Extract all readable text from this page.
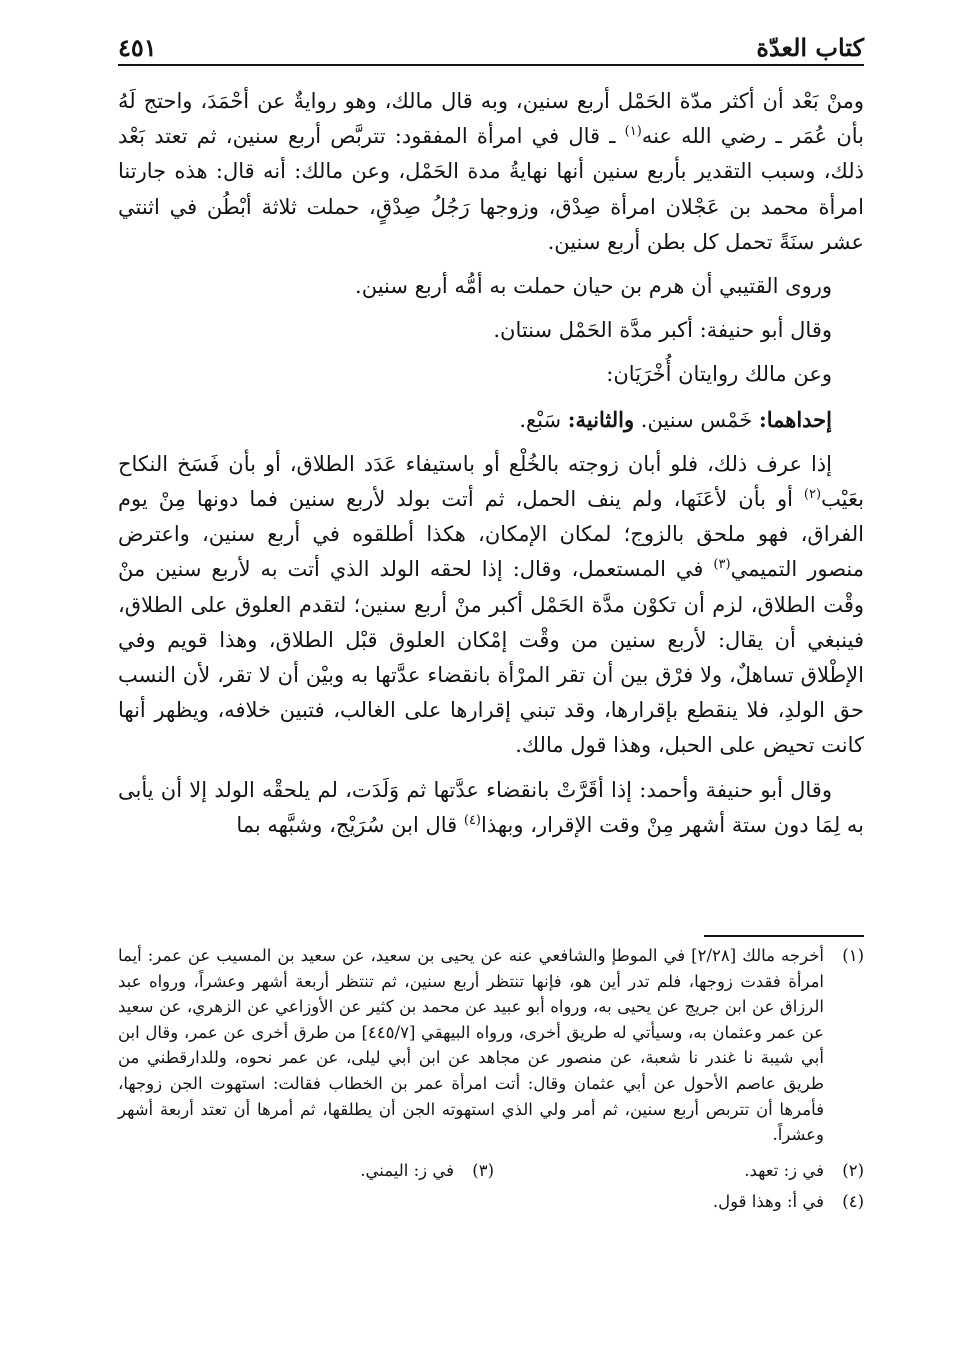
كتاب العدّة
٤٥١

ومنْ بَعْد أن أكثر مدّة الحَمْل أربع سنين، وبه قال مالك، وهو روايةٌ عن أحْمَدَ، واحتج لَهُ بأن عُمَر ـ رضي الله عنه$^{(١)}$ ـ قال في امرأة المفقود: تتربَّص أربع سنين، ثم تعتد بَعْد ذلك، وسبب التقدير بأربع سنين أنها نهايةُ مدة الحَمْل، وعن مالك: أنه قال: هذه جارتنا امرأة محمد بن عَجْلان امرأة صِدْق، وزوجها رَجُلُ صِدْقٍ، حملت ثلاثة أبْطُن في اثنتي عشر سنَةً تحمل كل بطن أربع سنين.

وروى القتيبي أن هرم بن حيان حملت به أمُّه أربع سنين.

وقال أبو حنيفة: أكبر مدَّة الحَمْل سنتان.

وعن مالك روايتان أُخْرَيَان:

إحداهما: خَمْس سنين. والثانية: سَبْع.

إذا عرف ذلك، فلو أبان زوجته بالخُلْع أو باستيفاء عَدَد الطلاق، أو بأن فَسَخ النكاح بعَيْب$^{(٢)}$ أو بأن لأعَنَها، ولم ينف الحمل، ثم أتت بولد لأربع سنين فما دونها مِنْ يوم الفراق، فهو ملحق بالزوج؛ لمكان الإمكان، هكذا أطلقوه في أربع سنين، واعترض منصور التميمي$^{(٣)}$ في المستعمل، وقال: إذا لحقه الولد الذي أتت به لأربع سنين منْ وقْت الطلاق، لزم أن تكوْن مدَّة الحَمْل أكبر منْ أربع سنين؛ لتقدم العلوق على الطلاق، فينبغي أن يقال: لأربع سنين من وقْت إمْكان العلوق قبْل الطلاق، وهذا قويم وفي الإطْلاق تساهلٌ، ولا فرْق بين أن تقر المرْأة بانقضاء عدَّتها به وبيْن أن لا تقر، لأن النسب حق الولدِ، فلا ينقطع بإقرارها، وقد تبني إقرارها على الغالب، فتبين خلافه، ويظهر أنها كانت تحيض على الحبل، وهذا قول مالك.

وقال أبو حنيفة وأحمد: إذا أقَرَّتْ بانقضاء عدَّتها ثم وَلَدَت، لم يلحقْه الولد إلا أن يأبى به لِمَا دون ستة أشهر مِنْ وقت الإقرار، وبهذا$^{(٤)}$ قال ابن سُرَيْج، وشبَّهه بما

(١)
أخرجه مالك [٢/٢٨] في الموطإ والشافعي عنه عن يحيى بن سعيد، عن سعيد بن المسيب عن عمر: أيما امرأة فقدت زوجها، فلم تدر أين هو، فإنها تنتظر أربع سنين، ثم تنتظر أربعة أشهر وعشراً، ورواه عبد الرزاق عن ابن جريج عن يحيى به، ورواه أبو عبيد عن محمد بن كثير عن الأوزاعي عن الزهري، عن سعيد عن عمر وعثمان به، وسيأتي له طريق أخرى، ورواه البيهقي [٤٤٥/٧] من طرق أخرى عن عمر، وقال ابن أبي شيبة نا غندر نا شعبة، عن منصور عن مجاهد عن ابن أبي ليلى، عن عمر نحوه، وللدارقطني من طريق عاصم الأحول عن أبي عثمان وقال: أتت امرأة عمر بن الخطاب فقالت: استهوت الجن زوجها، فأمرها أن تتربص أربع سنين، ثم أمر ولي الذي استهوته الجن أن يطلقها، ثم أمرها أن تعتد أربعة أشهر وعشراً.
(٢)
في ز: تعهد.
(٣)
في ز: اليمني.
(٤)
في أ: وهذا قول.
